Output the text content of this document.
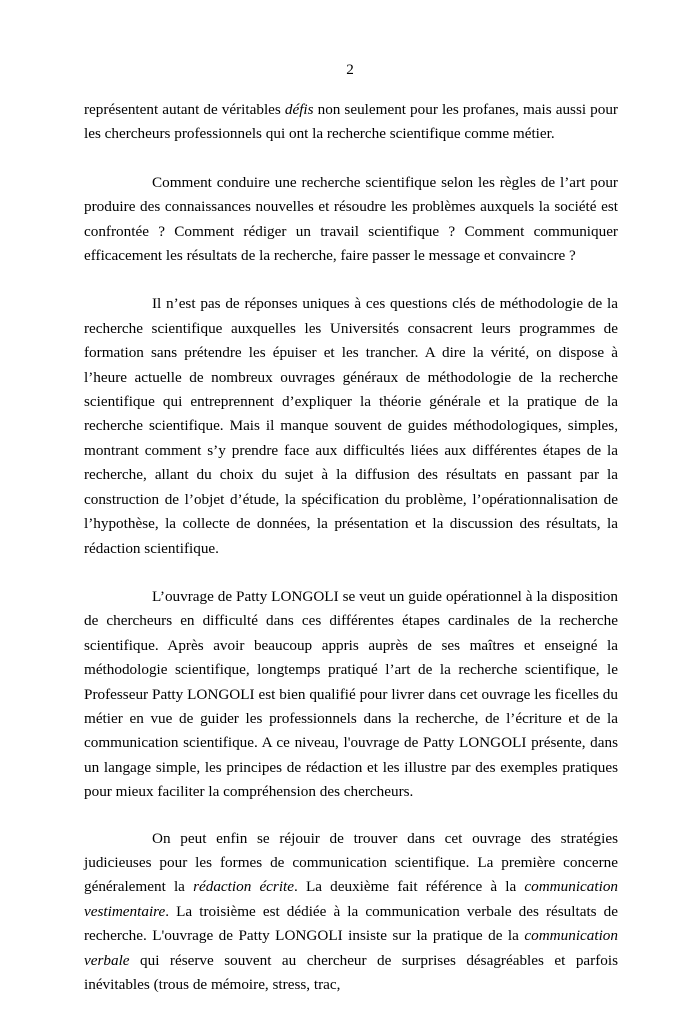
2

représentent autant de véritables défis non seulement pour les profanes, mais aussi pour les chercheurs professionnels qui ont la recherche scientifique comme métier.

Comment conduire une recherche scientifique selon les règles de l’art pour produire des connaissances nouvelles et résoudre les problèmes auxquels la société est confrontée ? Comment rédiger un travail scientifique ? Comment communiquer efficacement les résultats de la recherche, faire passer le message et convaincre ?

Il n’est pas de réponses uniques à ces questions clés de méthodologie de la recherche scientifique auxquelles les Universités consacrent leurs programmes de formation sans prétendre les épuiser et les trancher. A dire la vérité, on dispose à l’heure actuelle de nombreux ouvrages généraux de méthodologie de la recherche scientifique qui entreprennent d’expliquer la théorie générale et la pratique de la recherche scientifique. Mais il manque souvent de guides méthodologiques, simples, montrant comment s’y prendre face aux difficultés liées aux différentes étapes de la recherche, allant du choix du sujet à la diffusion des résultats en passant par la construction de l’objet d’étude, la spécification du problème, l’opérationnalisation de l’hypothèse, la collecte de données, la présentation et la discussion des résultats, la rédaction scientifique.

L’ouvrage de Patty LONGOLI se veut un guide opérationnel à la disposition de chercheurs en difficulté dans ces différentes étapes cardinales de la recherche scientifique. Après avoir beaucoup appris auprès de ses maîtres et enseigné la méthodologie scientifique, longtemps pratiqué l’art de la recherche scientifique, le Professeur Patty LONGOLI est bien qualifié pour livrer dans cet ouvrage les ficelles du métier en vue de guider les professionnels dans la recherche, de l’écriture et de la communication scientifique. A ce niveau, l'ouvrage de Patty LONGOLI présente, dans un langage simple, les principes de rédaction et les illustre par des exemples pratiques pour mieux faciliter la compréhension des chercheurs.

On peut enfin se réjouir de trouver dans cet ouvrage des stratégies judicieuses pour les formes de communication scientifique. La première concerne généralement la rédaction écrite. La deuxième fait référence à la communication vestimentaire. La troisième est dédiée à la communication verbale des résultats de recherche. L'ouvrage de Patty LONGOLI insiste sur la pratique de la communication verbale qui réserve souvent au chercheur de surprises désagréables et parfois inévitables (trous de mémoire, stress, trac,
